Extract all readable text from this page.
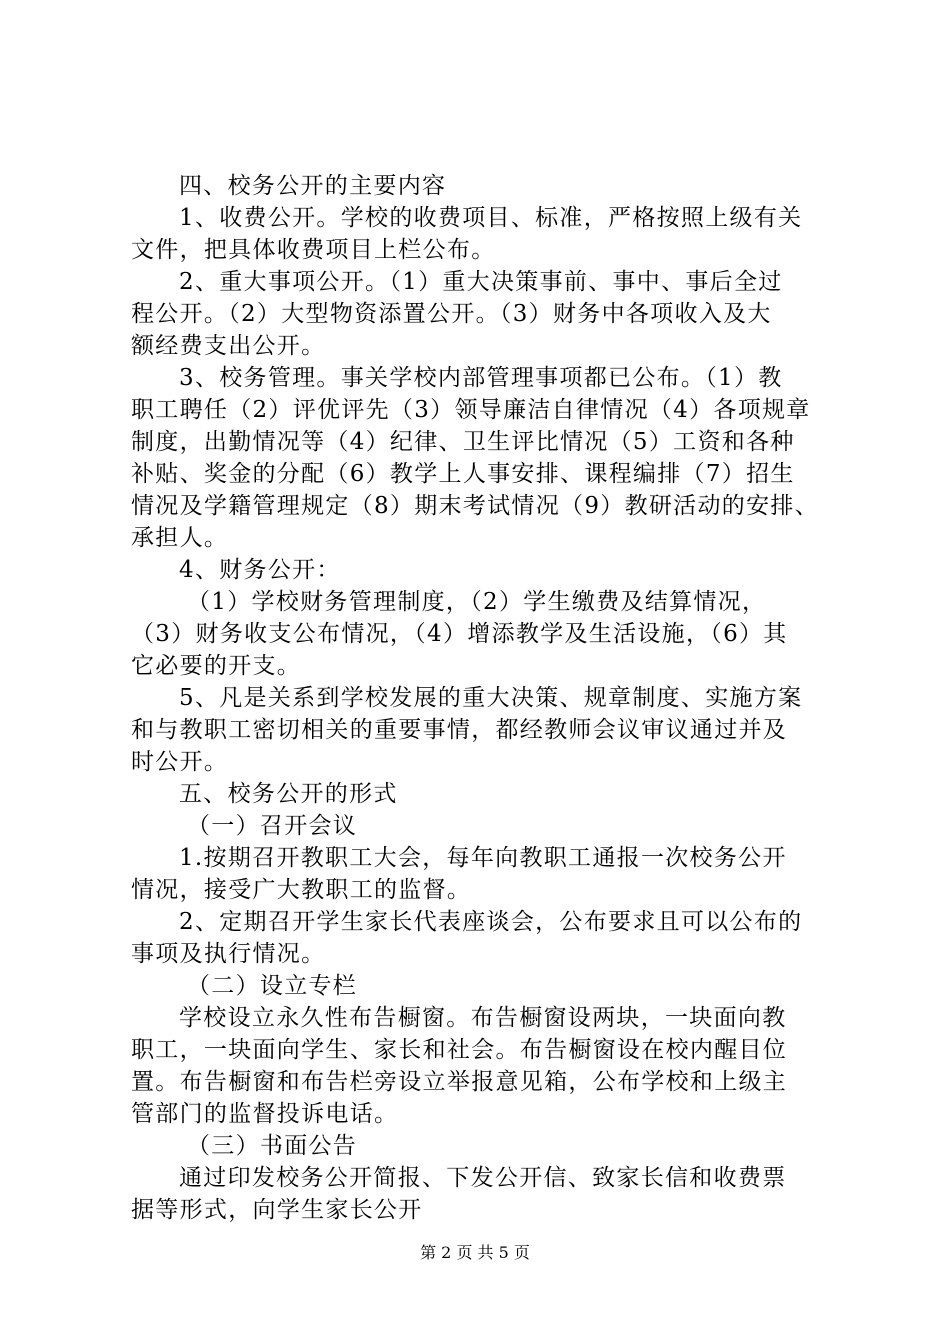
四、校务公开的主要内容
1、收费公开。学校的收费项目、标准，严格按照上级有关
文件，把具体收费项目上栏公布。
2、重大事项公开。（1）重大决策事前、事中、事后全过
程公开。（2）大型物资添置公开。（3）财务中各项收入及大
额经费支出公开。
3、校务管理。事关学校内部管理事项都已公布。（1）教
职工聘任（2）评优评先（3）领导廉洁自律情况（4）各项规章
制度，出勤情况等（4）纪律、卫生评比情况（5）工资和各种
补贴、奖金的分配（6）教学上人事安排、课程编排（7）招生
情况及学籍管理规定（8）期末考试情况（9）教研活动的安排、
承担人。
4、财务公开：
（1）学校财务管理制度，（2）学生缴费及结算情况，
（3）财务收支公布情况，（4）增添教学及生活设施，（6）其
它必要的开支。
5、凡是关系到学校发展的重大决策、规章制度、实施方案
和与教职工密切相关的重要事情，都经教师会议审议通过并及
时公开。
五、校务公开的形式
（一）召开会议
1.按期召开教职工大会，每年向教职工通报一次校务公开
情况，接受广大教职工的监督。
2、定期召开学生家长代表座谈会，公布要求且可以公布的
事项及执行情况。
（二）设立专栏
学校设立永久性布告橱窗。布告橱窗设两块，一块面向教
职工，一块面向学生、家长和社会。布告橱窗设在校内醒目位
置。布告橱窗和布告栏旁设立举报意见箱，公布学校和上级主
管部门的监督投诉电话。
（三）书面公告
通过印发校务公开简报、下发公开信、致家长信和收费票
据等形式，向学生家长公开
第 2 页 共 5 页
